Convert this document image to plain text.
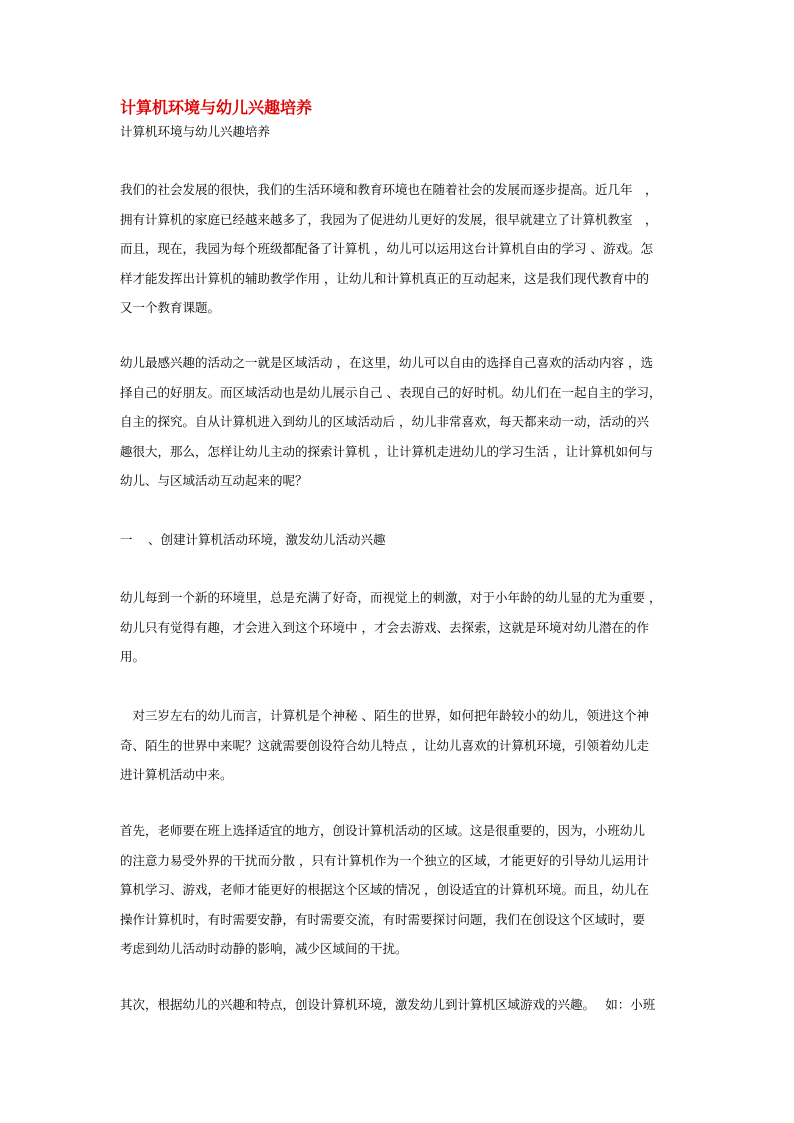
计算机环境与幼儿兴趣培养
计算机环境与幼儿兴趣培养
我们的社会发展的很快，我们的生活环境和教育环境也在随着社会的发展而逐步提高。近几年　，
拥有计算机的家庭已经越来越多了，我园为了促进幼儿更好的发展，很早就建立了计算机教室　，
而且，现在，我园为每个班级都配备了计算机 ，幼儿可以运用这台计算机自由的学习 、游戏。怎
样才能发挥出计算机的辅助教学作用 ，让幼儿和计算机真正的互动起来，这是我们现代教育中的
又一个教育课题。
幼儿最感兴趣的活动之一就是区域活动 ，在这里，幼儿可以自由的选择自己喜欢的活动内容 ，选
择自己的好朋友。而区域活动也是幼儿展示自己 、表现自己的好时机。幼儿们在一起自主的学习，
自主的探究。自从计算机进入到幼儿的区域活动后 ，幼儿非常喜欢，每天都来动一动，活动的兴
趣很大，那么，怎样让幼儿主动的探索计算机 ，让计算机走进幼儿的学习生活 ，让计算机如何与
幼儿、与区域活动互动起来的呢？
一 、创建计算机活动环境，激发幼儿活动兴趣
幼儿每到一个新的环境里，总是充满了好奇，而视觉上的刺激，对于小年龄的幼儿显的尤为重要 ，
幼儿只有觉得有趣，才会进入到这个环境中 ，才会去游戏、去探索，这就是环境对幼儿潜在的作
用。
　对三岁左右的幼儿而言，计算机是个神秘 、陌生的世界，如何把年龄较小的幼儿，领进这个神
奇、陌生的世界中来呢？这就需要创设符合幼儿特点 ，让幼儿喜欢的计算机环境，引领着幼儿走
进计算机活动中来。
首先，老师要在班上选择适宜的地方，创设计算机活动的区域。这是很重要的，因为，小班幼儿
的注意力易受外界的干扰而分散 ，只有计算机作为一个独立的区域，才能更好的引导幼儿运用计
算机学习、游戏，老师才能更好的根据这个区域的情况 ，创设适宜的计算机环境。而且，幼儿在
操作计算机时，有时需要安静，有时需要交流，有时需要探讨问题，我们在创设这个区域时，要
考虑到幼儿活动时动静的影响，减少区域间的干扰。
其次，根据幼儿的兴趣和特点，创设计算机环境，激发幼儿到计算机区域游戏的兴趣。　 如：小班
